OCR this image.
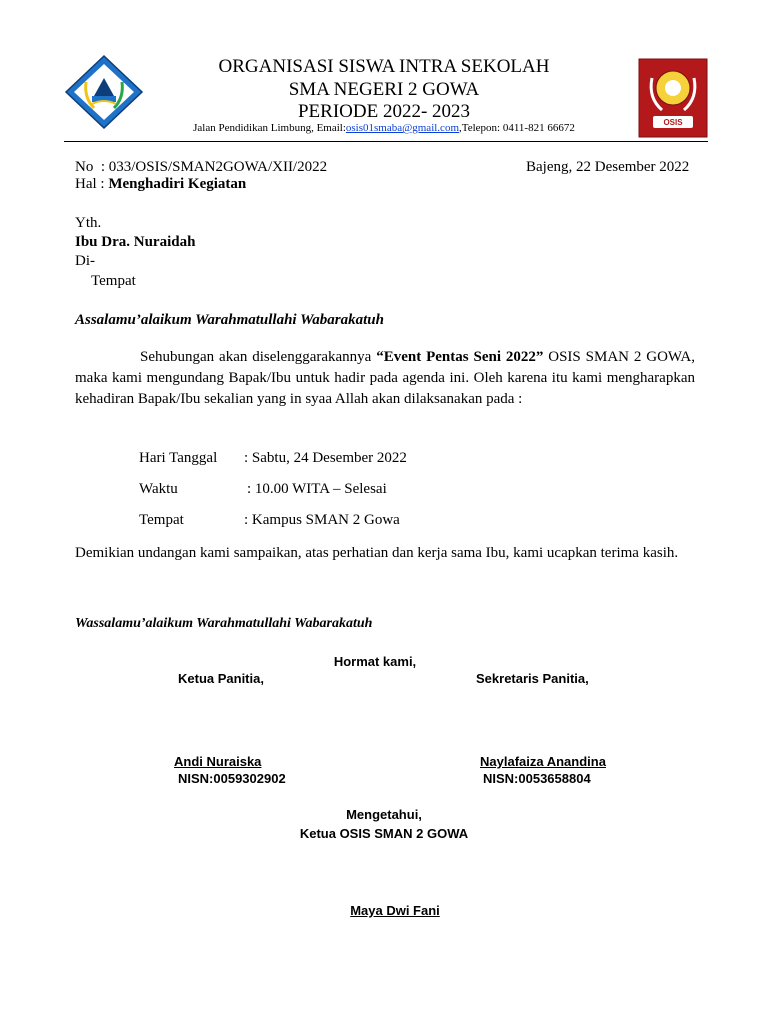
OSIS
ORGANISASI SISWA INTRA SEKOLAH
SMA NEGERI 2 GOWA
PERIODE 2022- 2023
Jalan Pendidikan Limbung, Email:osis01smaba@gmail.com,Telepon: 0411-821 66672
No : 033/OSIS/SMAN2GOWA/XII/2022	Bajeng, 22 Desember 2022
Hal : Menghadiri Kegiatan
Yth.
Ibu Dra. Nuraidah
Di-
Tempat
Assalamu’alaikum Warahmatullahi Wabarakatuh
Sehubungan akan diselenggarakannya “Event Pentas Seni 2022” OSIS SMAN 2 GOWA, maka kami mengundang Bapak/Ibu untuk hadir pada agenda ini. Oleh karena itu kami mengharapkan kehadiran Bapak/Ibu sekalian yang in syaa Allah akan dilaksanakan pada :
Hari Tanggal : Sabtu, 24 Desember 2022
Waktu	: 10.00 WITA – Selesai
Tempat	: Kampus SMAN 2 Gowa
Demikian undangan kami sampaikan, atas perhatian dan kerja sama Ibu, kami ucapkan terima kasih.
Wassalamu’alaikum Warahmatullahi Wabarakatuh
Hormat kami,
Ketua Panitia,	Sekretaris Panitia,
Andi Nuraiska
NISN:0059302902
Naylafaiza Anandina
NISN:0053658804
Mengetahui,
Ketua OSIS SMAN 2 GOWA
Maya Dwi Fani
